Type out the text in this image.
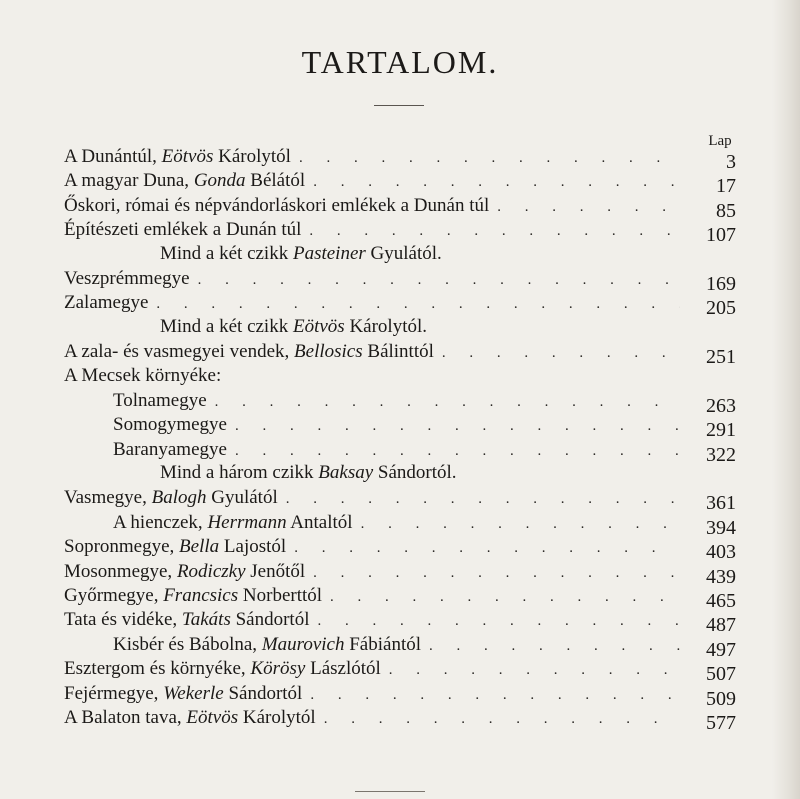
TARTALOM.
Lap
A Dunántúl, Eötvös Károlytól . . .	3
A magyar Duna, Gonda Bélától . . .	17
Őskori, római és népvándorláskori emlékek a Dunán túl . . .	85
Építészeti emlékek a Dunán túl . . .	107
Mind a két czikk Pasteiner Gyulától.
Veszprémmegye . . .	169
Zalamegye . . .	205
Mind a két czikk Eötvös Károlytól.
A zala- és vasmegyei vendek, Bellosics Bálinttól . . .	251
A Mecsek környéke:
Tolnamegye . . .	263
Somogymegye . . .	291
Baranyamegye . . .	322
Mind a három czikk Baksay Sándortól.
Vasmegye, Balogh Gyulától . . .	361
A hienczek, Herrmann Antaltól . . .	394
Sopronmegye, Bella Lajostól . . .	403
Mosonmegye, Rodiczky Jenőtől . . .	439
Győrmegye, Francsics Norberttól . . .	465
Tata és vidéke, Takáts Sándortól . . .	487
Kisbér és Bábolna, Maurovich Fábiántól . . .	497
Esztergom és környéke, Körösy Lászlótól . . .	507
Fejérmegye, Wekerle Sándortól . . .	509
A Balaton tava, Eötvös Károlytól . . .	577
